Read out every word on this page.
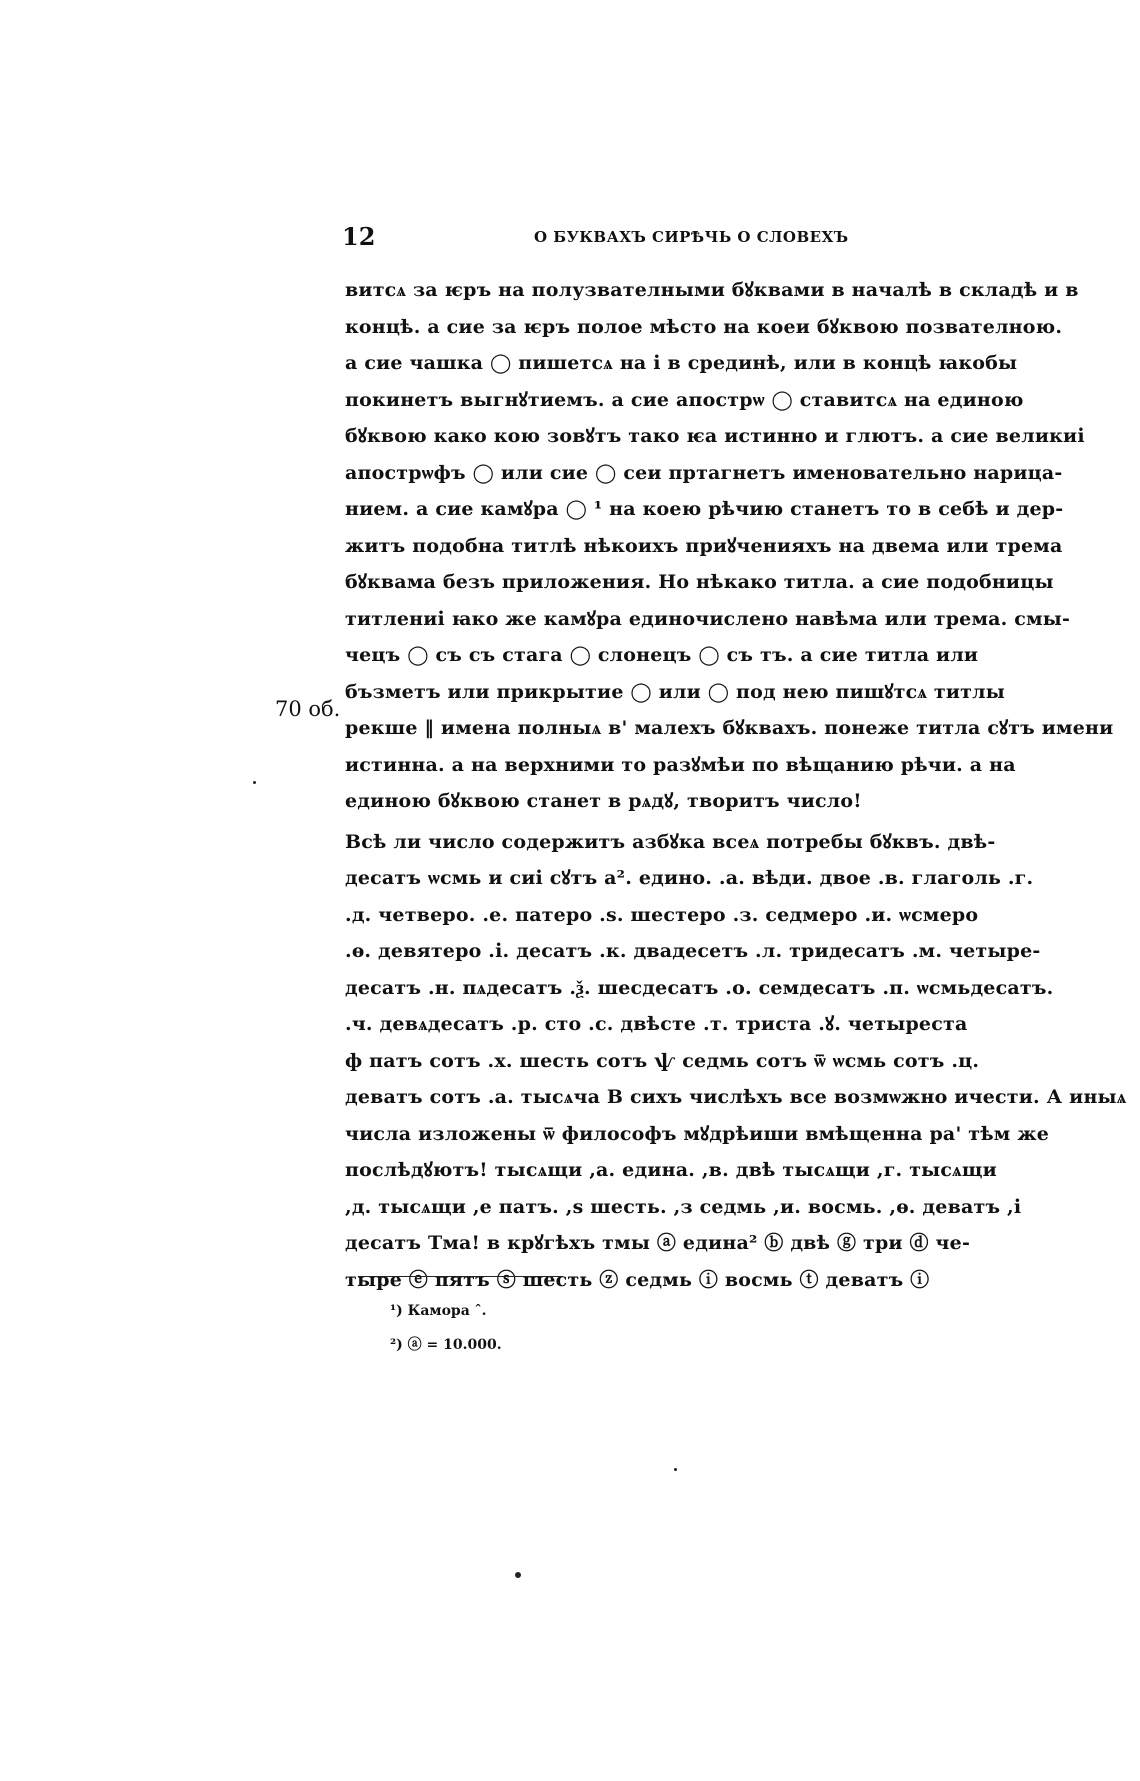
12	О БУКВАХЪ СИРѢЧЬ О СЛОВЕХЪ
70 об.
витсѧ за ѥръ на полузвателными бꙋквами в началѣ в складѣ и в
концѣ. а сие за ѥръ полое мѣсто на коеи бꙋквою позвателною.
а сие чашка ◯ пишетсѧ на і в срединѣ, или в концѣ ꙗкобы
покинетъ выгнꙋтиемъ. а сие апострѡ ◯ ставитсѧ на единою
бꙋквою како кою зовꙋтъ тако ѥа истинно и глютъ. а сие великиі
апострѡфъ ◯ или сие ◯ сеи пртагнетъ именовательно нарица-
нием. а сие камꙋра ◯ ¹ на коею рѣчию станетъ то в себѣ и дер-
житъ подобна титлѣ нѣкоихъ приꙋченияхъ на двема или трема
бꙋквама безъ приложения. Но нѣкако титла. а сие подобницы
титлениі ꙗко же камꙋра единочислено навѣма или трема. смы-
чецъ ◯ съ съ стага ◯ слонецъ ◯ съ тъ. а сие титла или
бъзметъ или прикрытие ◯ или ◯ под нею пишꙋтсѧ титлы
рекше ‖ имена полныѧ в' малехъ бꙋквахъ. понеже титла сꙋтъ имени
истинна. а на верхними то разꙋмѣи по вѣщанию рѣчи. а на
единою бꙋквою станет в рѧдꙋ, творитъ число!
Всѣ ли число содержитъ азбꙋка всеѧ потребы бꙋквъ. двѣ-
десатъ ѡсмь и сиі сꙋтъ а². едино. .а. вѣди. двое .в. глаголь .г.
.д. четверо. .е. патеро .ѕ. шестеро .з. седмеро .и. ѡсмеро
.ѳ. девятеро .і. десатъ .к. двадесетъ .л. тридесатъ .м. четыре-
десатъ .н. пѧдесатъ .ѯ. шесдесатъ .о. семдесатъ .п. ѡсмьдесатъ.
.ч. девѧдесатъ .р. сто .с. двѣсте .т. триста .ꙋ. четыреста
ф патъ сотъ .х. шесть сотъ ѱ седмь сотъ ѿ ѡсмь сотъ .ц.
деватъ сотъ .а. тысѧча В сихъ числѣхъ все возмѡжно ичести. А иныѧ
числа изложены ѿ философъ мꙋдрѣиши вмѣщенна ра' тѣм же
послѣдꙋютъ! тысѧщи ,а. едина. ,в. двѣ тысѧщи ,г. тысѧщи
,д. тысѧщи ,е патъ. ,ѕ шесть. ,з седмь ,и. восмь. ,ѳ. деватъ ,і
десатъ Тма! в крꙋгѣхъ тмы ⓐ едина² ⓑ двѣ ⓖ три ⓓ че-
тыре ⓔ пятъ ⓢ шесть ⓩ седмь ⓘ восмь ⓣ деватъ ⓘ
¹) Камора ˆ.
²) ⓐ = 10.000.
